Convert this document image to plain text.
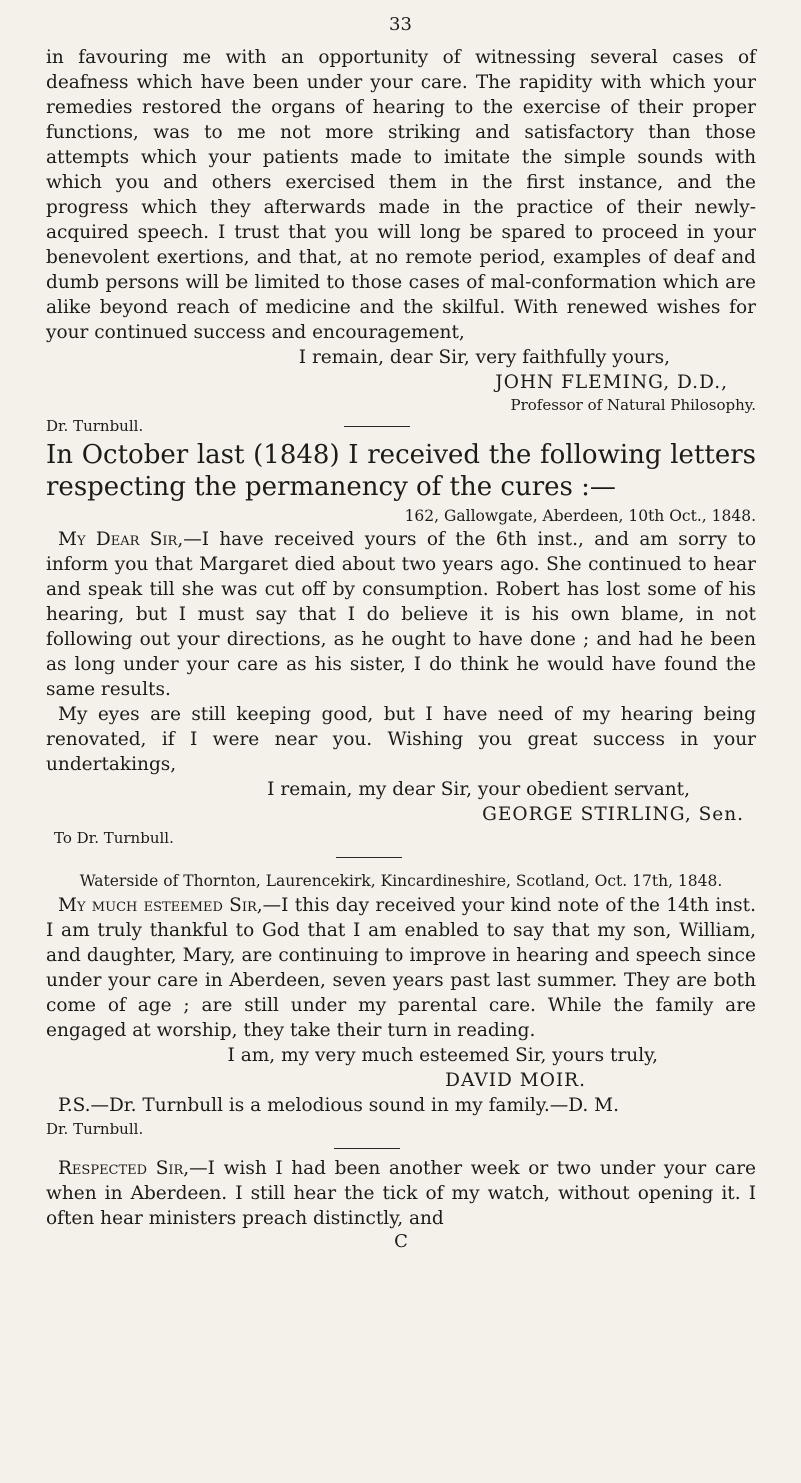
33

in favouring me with an opportunity of witnessing several cases of deafness which have been under your care. The rapidity with which your remedies restored the organs of hearing to the exercise of their proper functions, was to me not more striking and satisfactory than those attempts which your patients made to imitate the simple sounds with which you and others exercised them in the first instance, and the progress which they afterwards made in the practice of their newly-acquired speech. I trust that you will long be spared to proceed in your benevolent exertions, and that, at no remote period, examples of deaf and dumb persons will be limited to those cases of mal-conformation which are alike beyond reach of medicine and the skilful. With renewed wishes for your continued success and encouragement,

I remain, dear Sir, very faithfully yours,
JOHN FLEMING, D.D.,
Professor of Natural Philosophy.
Dr. Turnbull.

In October last (1848) I received the following letters respecting the permanency of the cures :—

162, Gallowgate, Aberdeen, 10th Oct., 1848.

My Dear Sir,—I have received yours of the 6th inst., and am sorry to inform you that Margaret died about two years ago. She continued to hear and speak till she was cut off by consumption. Robert has lost some of his hearing, but I must say that I do believe it is his own blame, in not following out your directions, as he ought to have done ; and had he been as long under your care as his sister, I do think he would have found the same results.

My eyes are still keeping good, but I have need of my hearing being renovated, if I were near you. Wishing you great success in your undertakings,

I remain, my dear Sir, your obedient servant,
GEORGE STIRLING, Sen.
To Dr. Turnbull.

Waterside of Thornton, Laurencekirk, Kincardineshire, Scotland, Oct. 17th, 1848.

My much esteemed Sir,—I this day received your kind note of the 14th inst. I am truly thankful to God that I am enabled to say that my son, William, and daughter, Mary, are continuing to improve in hearing and speech since under your care in Aberdeen, seven years past last summer. They are both come of age ; are still under my parental care. While the family are engaged at worship, they take their turn in reading.

I am, my very much esteemed Sir, yours truly,
DAVID MOIR.
P.S.—Dr. Turnbull is a melodious sound in my family.—D. M.
Dr. Turnbull.

Respected Sir,—I wish I had been another week or two under your care when in Aberdeen. I still hear the tick of my watch, without opening it. I often hear ministers preach distinctly, and

C
